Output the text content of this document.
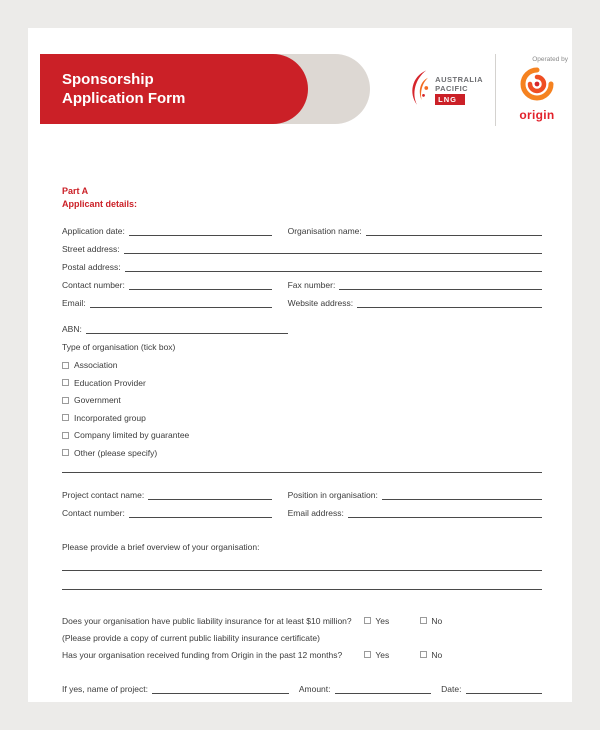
Sponsorship
Application Form
AUSTRALIA
PACIFIC
LNG
Operated by
origin
Part A
Applicant details:
Application date:	Organisation name:
Street address:
Postal address:
Contact number:	Fax number:
Email:	Website address:
ABN:
Type of organisation (tick box)
Association
Education Provider
Government
Incorporated group
Company limited by guarantee
Other (please specify)
Project contact name:	Position in organisation:
Contact number:	Email address:
Please provide a brief overview of your organisation:
Does your organisation have public liability insurance for at least $10 million?	Yes	No
(Please provide a copy of current public liability insurance certificate)
Has your organisation received funding from Origin in the past 12 months?	Yes	No
If yes, name of project:	Amount:	Date:
